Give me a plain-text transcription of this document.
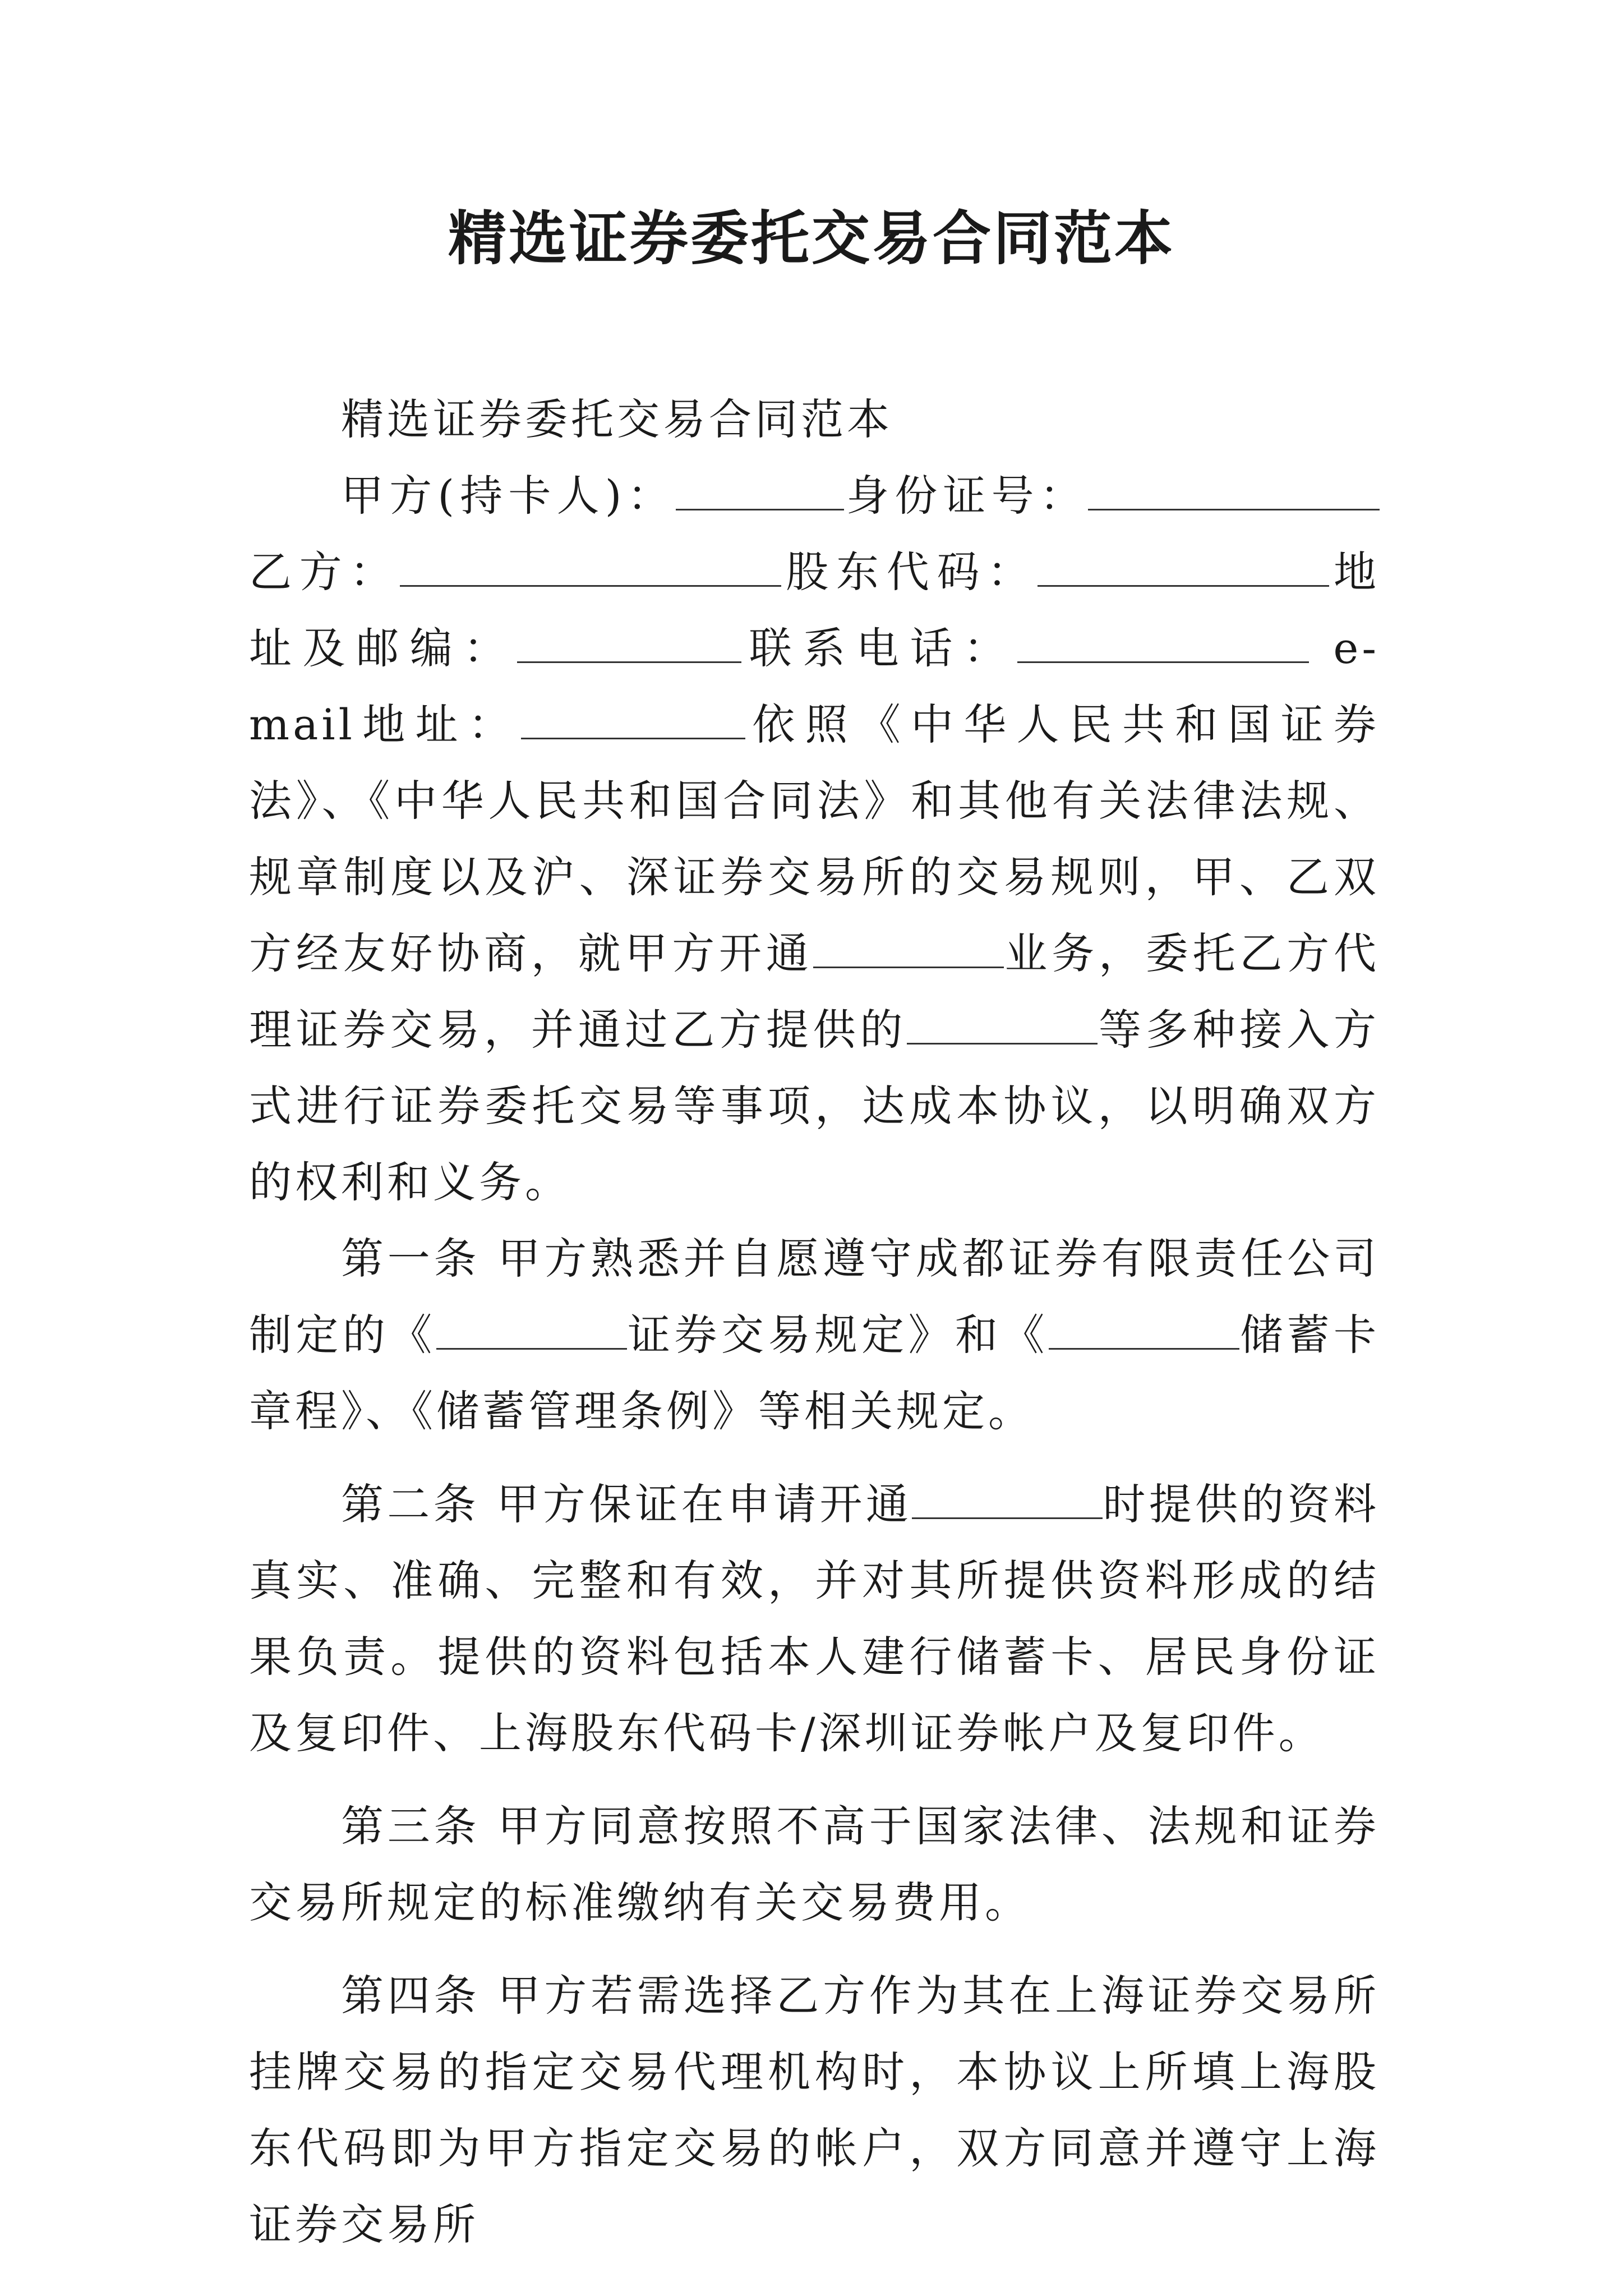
精选证券委托交易合同范本

精选证券委托交易合同范本

甲方(持卡人)：	身份证号：乙方：	股东代码：	地址及邮编：	联系电话：	e-mail地址：	依照《中华人民共和国证券法》、《中华人民共和国合同法》和其他有关法律法规、规章制度以及沪、深证券交易所的交易规则，甲、乙双方经友好协商，就甲方开通	业务，委托乙方代理证券交易，并通过乙方提供的	等多种接入方式进行证券委托交易等事项，达成本协议，以明确双方的权利和义务。

第一条 甲方熟悉并自愿遵守成都证券有限责任公司制定的《	证券交易规定》和《	储蓄卡章程》、《储蓄管理条例》等相关规定。

第二条 甲方保证在申请开通	时提供的资料真实、准确、完整和有效，并对其所提供资料形成的结果负责。提供的资料包括本人建行储蓄卡、居民身份证及复印件、上海股东代码卡/深圳证券帐户及复印件。

第三条 甲方同意按照不高于国家法律、法规和证券交易所规定的标准缴纳有关交易费用。

第四条 甲方若需选择乙方作为其在上海证券交易所挂牌交易的指定交易代理机构时，本协议上所填上海股东代码即为甲方指定交易的帐户，双方同意并遵守上海证券交易所
